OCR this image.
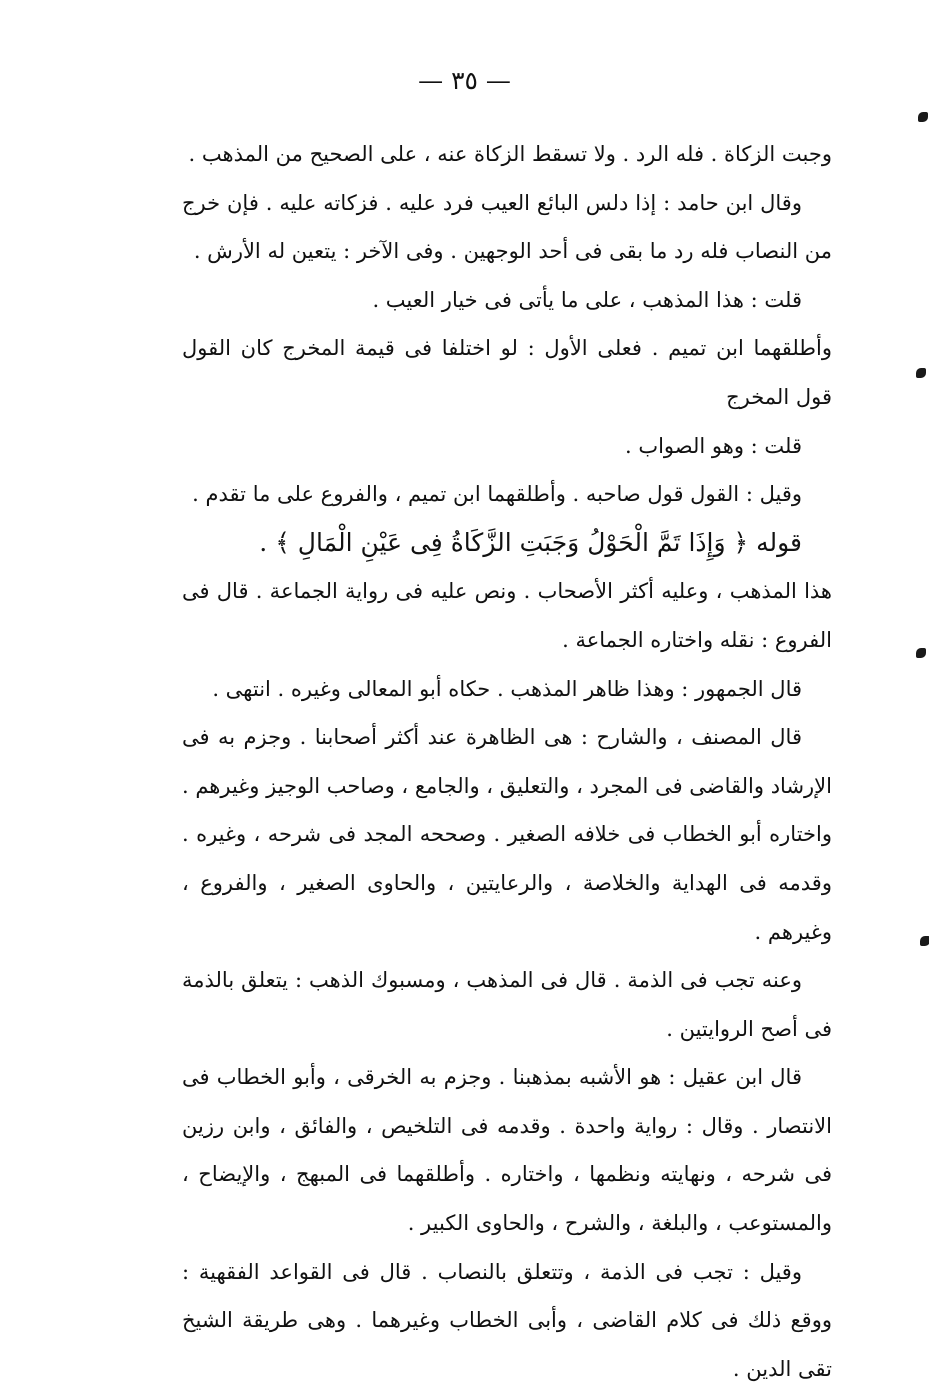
— ٣٥ —

وجبت الزكاة . فله الرد . ولا تسقط الزكاة عنه ، على الصحيح من المذهب .

وقال ابن حامد : إذا دلس البائع العيب فرد عليه . فزكاته عليه . فإن خرج من النصاب فله رد ما بقى فى أحد الوجهين . وفى الآخر : يتعين له الأرش .

قلت : هذا المذهب ، على ما يأتى فى خيار العيب .

وأطلقهما ابن تميم . فعلى الأول : لو اختلفا فى قيمة المخرج كان القول قول المخرج

قلت : وهو الصواب .

وقيل : القول قول صاحبه . وأطلقهما ابن تميم ، والفروع على ما تقدم .

قوله ﴿ وَإِذَا تَمَّ الْحَوْلُ وَجَبَتِ الزَّكَاةُ فِى عَيْنِ الْمَالِ ﴾ .

هذا المذهب ، وعليه أكثر الأصحاب . ونص عليه فى رواية الجماعة . قال فى الفروع : نقله واختاره الجماعة .

قال الجمهور : وهذا ظاهر المذهب . حكاه أبو المعالى وغيره . انتهى .

قال المصنف ، والشارح : هى الظاهرة عند أكثر أصحابنا . وجزم به فى الإرشاد والقاضى فى المجرد ، والتعليق ، والجامع ، وصاحب الوجيز وغيرهم . واختاره أبو الخطاب فى خلافه الصغير . وصححه المجد فى شرحه ، وغيره . وقدمه فى الهداية والخلاصة ، والرعايتين ، والحاوى الصغير ، والفروع ، وغيرهم .

وعنه تجب فى الذمة . قال فى المذهب ، ومسبوك الذهب : يتعلق بالذمة فى أصح الروايتين .

قال ابن عقيل : هو الأشبه بمذهبنا . وجزم به الخرقى ، وأبو الخطاب فى الانتصار . وقال : رواية واحدة . وقدمه فى التلخيص ، والفائق ، وابن رزين فى شرحه ، ونهايته ونظمها ، واختاره . وأطلقهما فى المبهج ، والإيضاح ، والمستوعب ، والبلغة ، والشرح ، والحاوى الكبير .

وقيل : تجب فى الذمة ، وتتعلق بالنصاب . قال فى القواعد الفقهية : ووقع ذلك فى كلام القاضى ، وأبى الخطاب وغيرهما . وهى طريقة الشيخ تقى الدين .
